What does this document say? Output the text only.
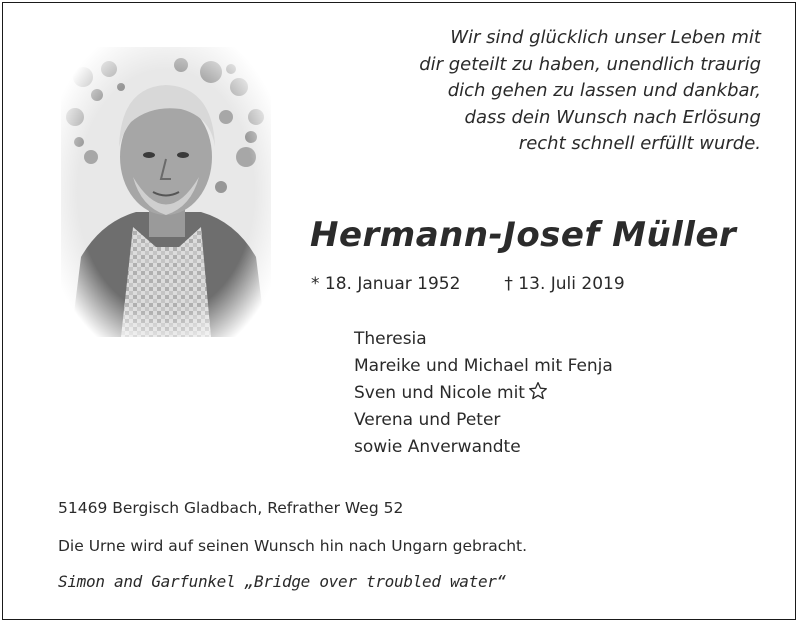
Wir sind glücklich unser Leben mit
dir geteilt zu haben, unendlich traurig
dich gehen zu lassen und dankbar,
dass dein Wunsch nach Erlösung
recht schnell erfüllt wurde.
Hermann-Josef Müller
* 18. Januar 1952	† 13. Juli 2019
Theresia
Mareike und Michael mit Fenja
Sven und Nicole mit
Verena und Peter
sowie Anverwandte
51469 Bergisch Gladbach, Refrather Weg 52
Die Urne wird auf seinen Wunsch hin nach Ungarn gebracht.
Simon and Garfunkel „Bridge over troubled water“
